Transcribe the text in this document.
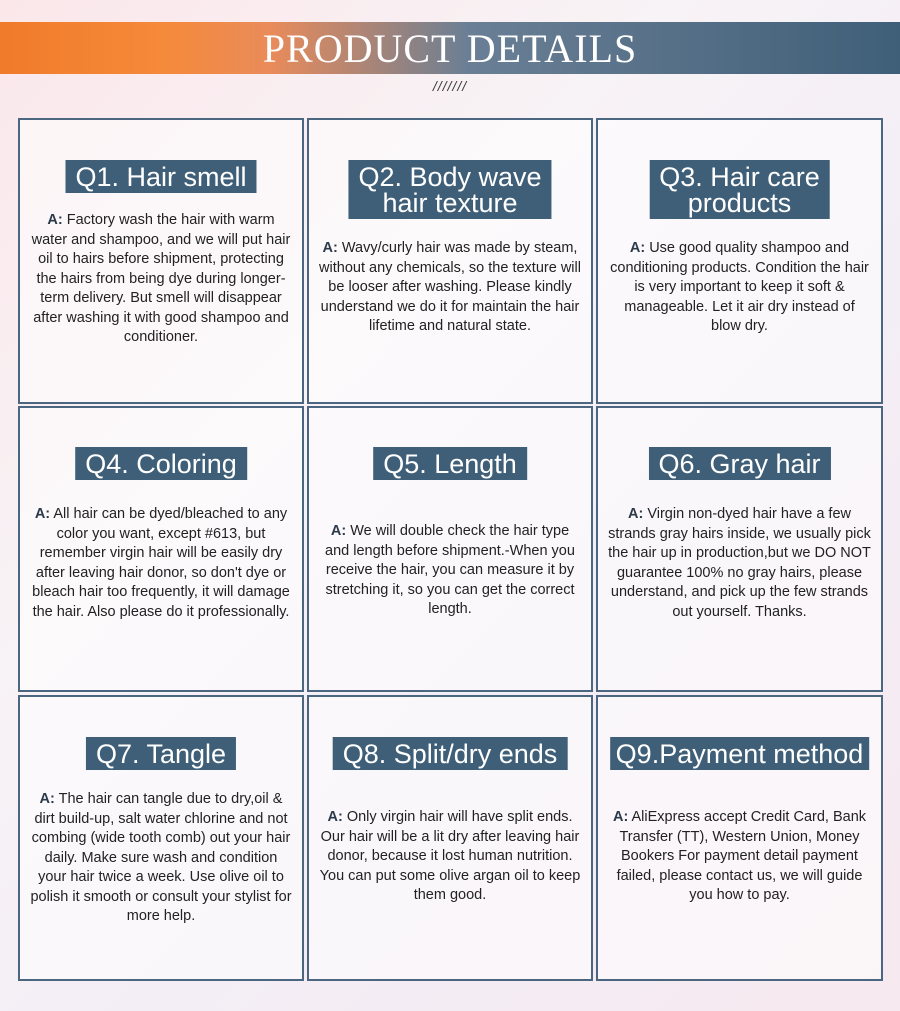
PRODUCT DETAILS
///////
Q1. Hair smell
A: Factory wash the hair with warm water and shampoo, and we will put hair oil to hairs before shipment, protecting the hairs from being dye during longer-term delivery. But smell will disappear after washing it with good shampoo and conditioner.
Q2. Body wave
hair texture
A: Wavy/curly hair was made by steam, without any chemicals, so the texture will be looser after washing. Please kindly understand we do it for maintain the hair lifetime and natural state.
Q3. Hair care
products
A: Use good quality shampoo and conditioning products. Condition the hair is very important to keep it soft & manageable. Let it air dry instead of blow dry.
Q4. Coloring
A: All hair can be dyed/bleached to any color you want, except #613, but remember virgin hair will be easily dry after leaving hair donor, so don't dye or bleach hair too frequently, it will damage the hair. Also please do it professionally.
Q5. Length
A: We will double check the hair type and length before shipment.-When you receive the hair, you can measure it by stretching it, so you can get the correct length.
Q6. Gray hair
A: Virgin non-dyed hair have a few strands gray hairs inside, we usually pick the hair up in production,but we DO NOT guarantee 100% no gray hairs, please understand, and pick up the few strands out yourself. Thanks.
Q7. Tangle
A: The hair can tangle due to dry,oil & dirt build-up, salt water chlorine and not combing (wide tooth comb) out your hair daily. Make sure wash and condition your hair twice a week. Use olive oil to polish it smooth or consult your stylist for more help.
Q8. Split/dry ends
A: Only virgin hair will have split ends. Our hair will be a lit dry after leaving hair donor, because it lost human nutrition. You can put some olive argan oil to keep them good.
Q9.Payment method
A: AliExpress accept Credit Card, Bank Transfer (TT), Western Union, Money Bookers For payment detail payment failed, please contact us, we will guide you how to pay.
